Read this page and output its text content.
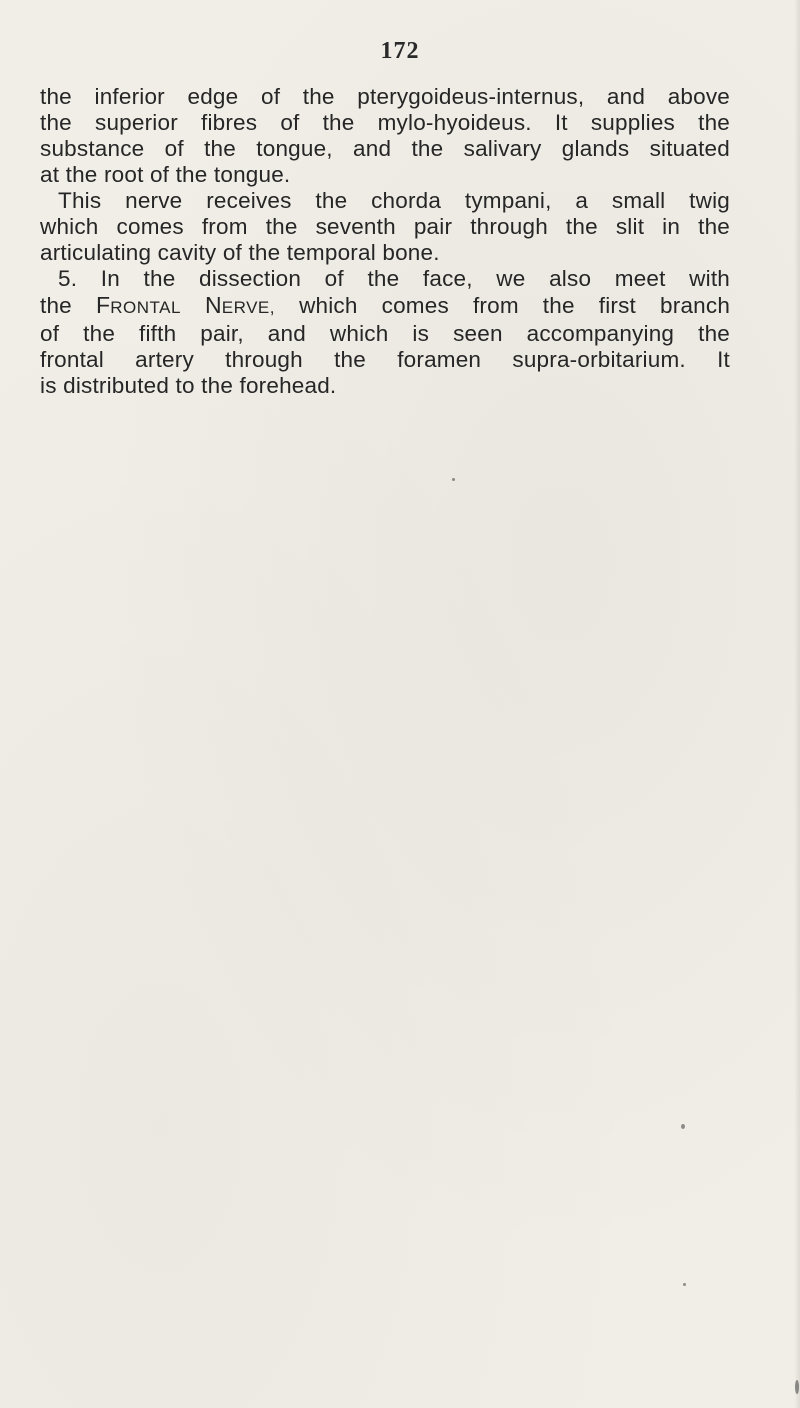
172
the inferior edge of the pterygoideus-internus, and above
the superior fibres of the mylo-hyoideus. It supplies the
substance of the tongue, and the salivary glands situated
at the root of the tongue.
This nerve receives the chorda tympani, a small twig
which comes from the seventh pair through the slit in the
articulating cavity of the temporal bone.
5. In the dissection of the face, we also meet with
the FRONTAL NERVE, which comes from the first branch
of the fifth pair, and which is seen accompanying the
frontal artery through the foramen supra-orbitarium. It
is distributed to the forehead.
